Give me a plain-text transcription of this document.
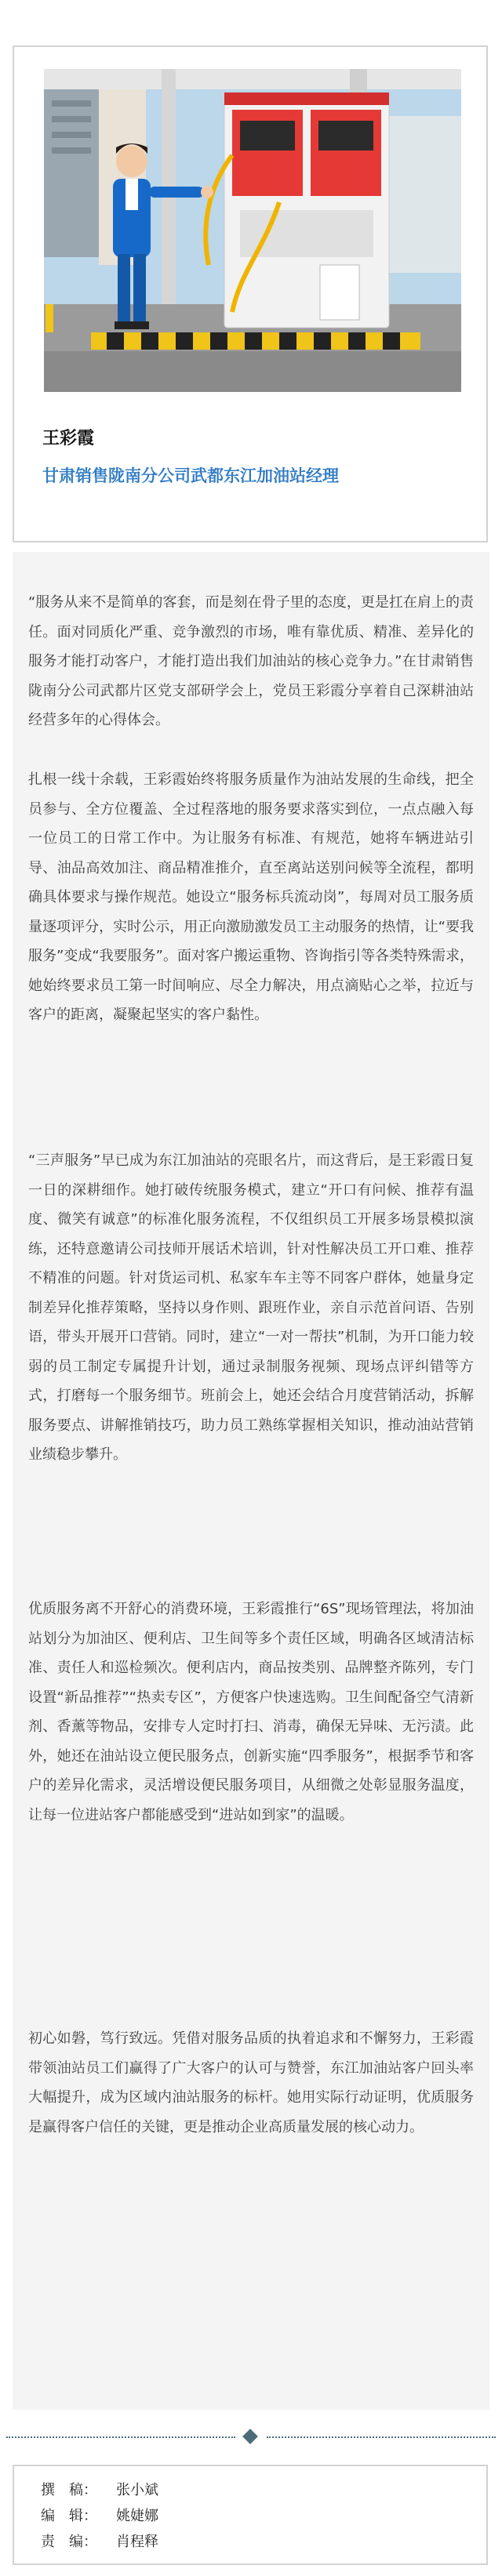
王彩霞

甘肃销售陇南分公司武都东江加油站经理

“服务从来不是简单的客套，而是刻在骨子里的态度，更是扛在肩上的责任。面对同质化严重、竞争激烈的市场，唯有靠优质、精准、差异化的服务才能打动客户，才能打造出我们加油站的核心竞争力。”在甘肃销售陇南分公司武都片区党支部研学会上，党员王彩霞分享着自己深耕油站经营多年的心得体会。

扎根一线十余载，王彩霞始终将服务质量作为油站发展的生命线，把全员参与、全方位覆盖、全过程落地的服务要求落实到位，一点点融入每一位员工的日常工作中。为让服务有标准、有规范，她将车辆进站引导、油品高效加注、商品精准推介，直至离站送别问候等全流程，都明确具体要求与操作规范。她设立“服务标兵流动岗”，每周对员工服务质量逐项评分，实时公示，用正向激励激发员工主动服务的热情，让“要我服务”变成“我要服务”。面对客户搬运重物、咨询指引等各类特殊需求，她始终要求员工第一时间响应、尽全力解决，用点滴贴心之举，拉近与客户的距离，凝聚起坚实的客户黏性。

“三声服务”早已成为东江加油站的亮眼名片，而这背后，是王彩霞日复一日的深耕细作。她打破传统服务模式，建立“开口有问候、推荐有温度、微笑有诚意”的标准化服务流程，不仅组织员工开展多场景模拟演练，还特意邀请公司技师开展话术培训，针对性解决员工开口难、推荐不精准的问题。针对货运司机、私家车车主等不同客户群体，她量身定制差异化推荐策略，坚持以身作则、跟班作业，亲自示范首问语、告别语，带头开展开口营销。同时，建立“一对一帮扶”机制，为开口能力较弱的员工制定专属提升计划，通过录制服务视频、现场点评纠错等方式，打磨每一个服务细节。班前会上，她还会结合月度营销活动，拆解服务要点、讲解推销技巧，助力员工熟练掌握相关知识，推动油站营销业绩稳步攀升。

优质服务离不开舒心的消费环境，王彩霞推行“6S”现场管理法，将加油站划分为加油区、便利店、卫生间等多个责任区域，明确各区域清洁标准、责任人和巡检频次。便利店内，商品按类别、品牌整齐陈列，专门设置“新品推荐”“热卖专区”，方便客户快速选购。卫生间配备空气清新剂、香薰等物品，安排专人定时打扫、消毒，确保无异味、无污渍。此外，她还在油站设立便民服务点，创新实施“四季服务”，根据季节和客户的差异化需求，灵活增设便民服务项目，从细微之处彰显服务温度，让每一位进站客户都能感受到“进站如到家”的温暖。

初心如磐，笃行致远。凭借对服务品质的执着追求和不懈努力，王彩霞带领油站员工们赢得了广大客户的认可与赞誉，东江加油站客户回头率大幅提升，成为区域内油站服务的标杆。她用实际行动证明，优质服务是赢得客户信任的关键，更是推动企业高质量发展的核心动力。

撰　稿： 张小斌
编　辑： 姚婕娜
责　编： 肖程释
